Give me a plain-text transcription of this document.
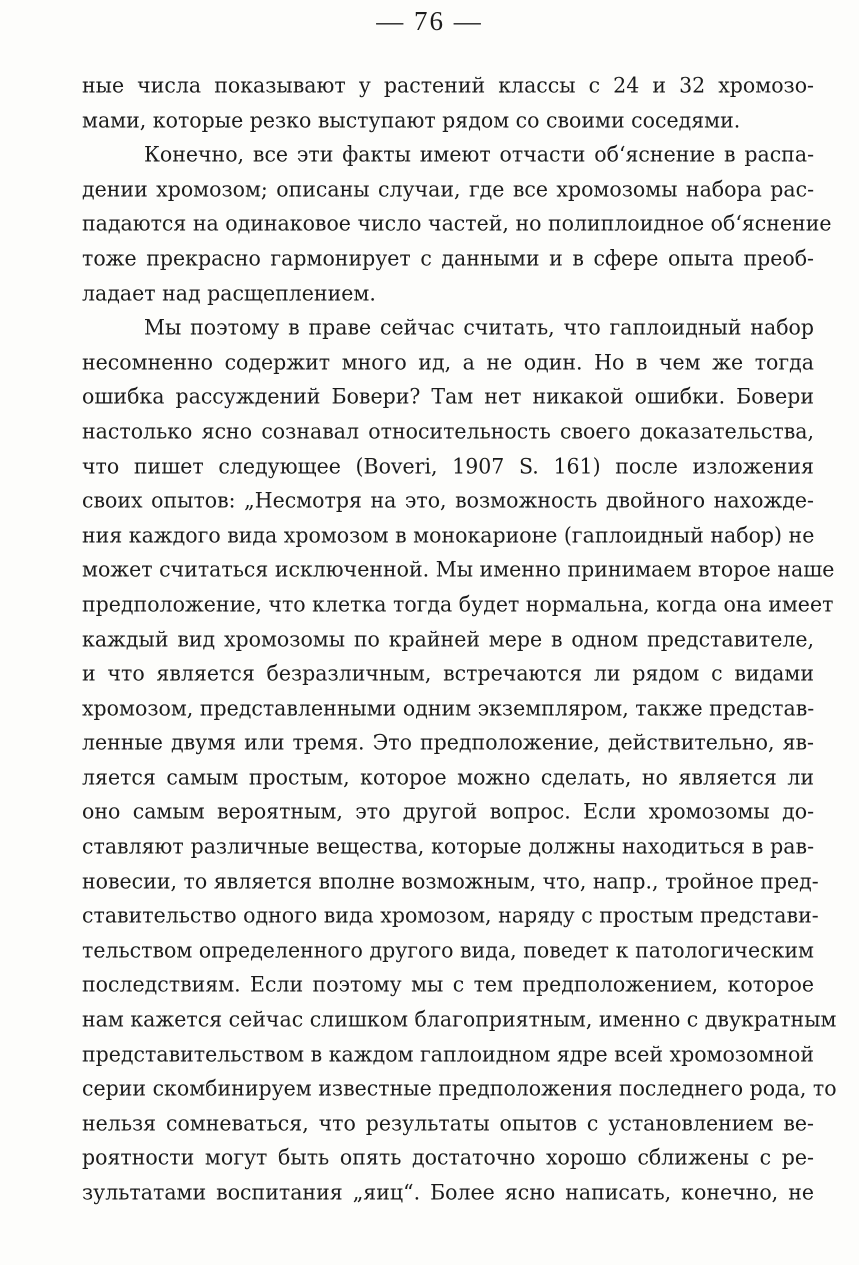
— 76 —
ные числа показывают у растений классы с 24 и 32 хромозо-
мами, которые резко выступают рядом со своими соседями.
Конечно, все эти факты имеют отчасти об‘яснение в распа-
дении хромозом; описаны случаи, где все хромозомы набора рас-
падаются на одинаковое число частей, но полиплоидное об‘яснение
тоже прекрасно гармонирует с данными и в сфере опыта преоб-
ладает над расщеплением.
Мы поэтому в праве сейчас считать, что гаплоидный набор
несомненно содержит много ид, а не один. Но в чем же тогда
ошибка рассуждений Бовери? Там нет никакой ошибки. Бовери
настолько ясно сознавал относительность своего доказательства,
что пишет следующее (Boveri, 1907 S. 161) после изложения
своих опытов: „Несмотря на это, возможность двойного нахожде-
ния каждого вида хромозом в монокарионе (гаплоидный набор) не
может считаться исключенной. Мы именно принимаем второе наше
предположение, что клетка тогда будет нормальна, когда она имеет
каждый вид хромозомы по крайней мере в одном представителе,
и что является безразличным, встречаются ли рядом с видами
хромозом, представленными одним экземпляром, также представ-
ленные двумя или тремя. Это предположение, действительно, яв-
ляется самым простым, которое можно сделать, но является ли
оно самым вероятным, это другой вопрос. Если хромозомы до-
ставляют различные вещества, которые должны находиться в рав-
новесии, то является вполне возможным, что, напр., тройное пред-
ставительство одного вида хромозом, наряду с простым представи-
тельством определенного другого вида, поведет к патологическим
последствиям. Если поэтому мы с тем предположением, которое
нам кажется сейчас слишком благоприятным, именно с двукратным
представительством в каждом гаплоидном ядре всей хромозомной
серии скомбинируем известные предположения последнего рода, то
нельзя сомневаться, что результаты опытов с установлением ве-
роятности могут быть опять достаточно хорошо сближены с ре-
зультатами воспитания „яиц“. Более ясно написать, конечно, не
